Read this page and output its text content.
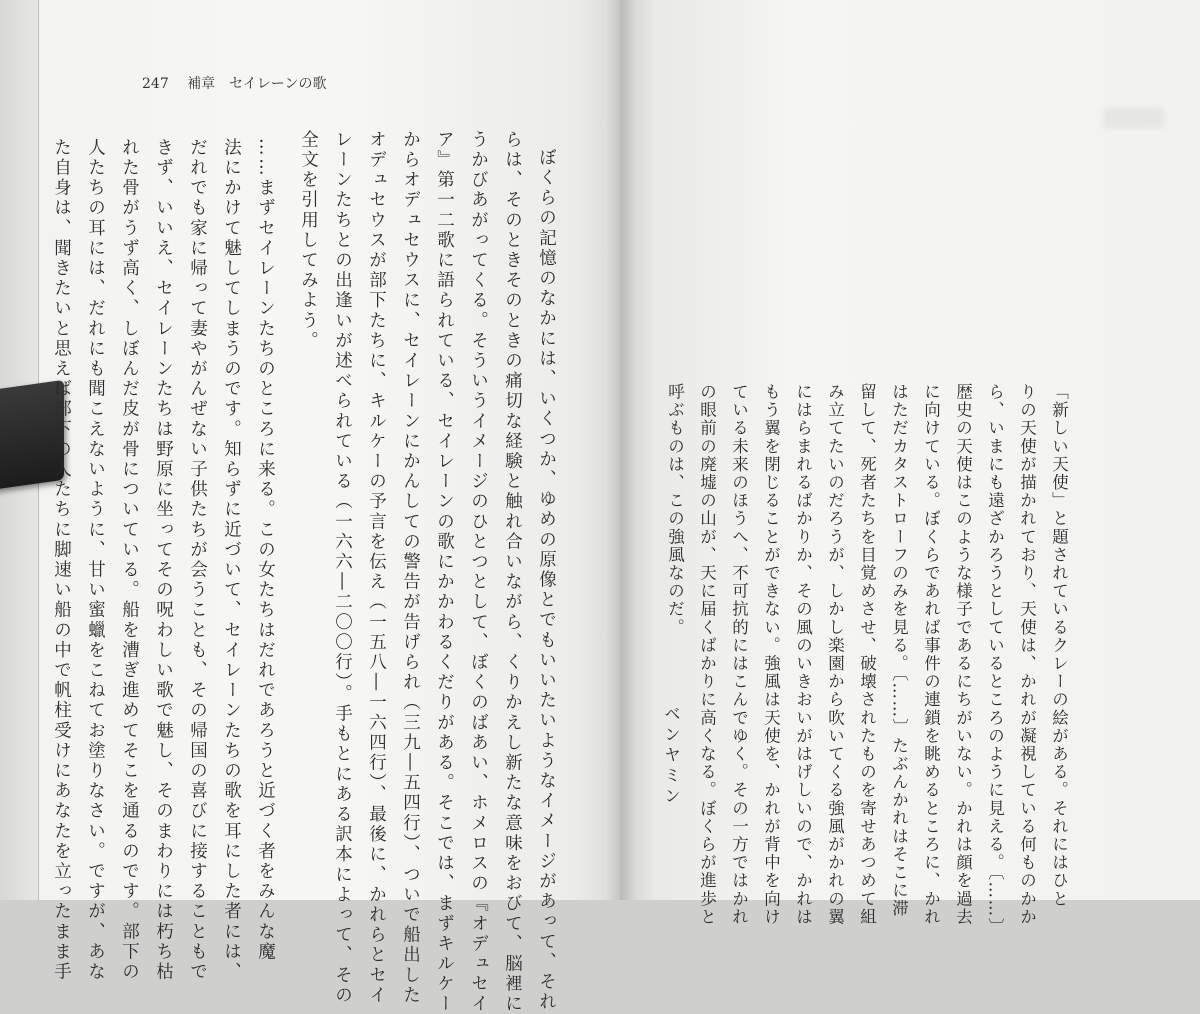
247 補章　セイレーンの歌
ぼくらの記憶のなかには、いくつか、ゆめの原像とでもいいたいようなイメージがあって、それ
らは、そのときそのときの痛切な経験と触れ合いながら、くりかえし新たな意味をおびて、脳裡に
うかびあがってくる。そういうイメージのひとつとして、ぼくのばあい、ホメロスの『オデュセイ
ア』第一二歌に語られている、セイレーンの歌にかかわるくだりがある。そこでは、まずキルケー
からオデュセウスに、セイレーンにかんしての警告が告げられ（三九―五四行）、ついで船出した
オデュセウスが部下たちに、キルケーの予言を伝え（一五八―一六四行）、最後に、かれらとセイ
レーンたちとの出逢いが述べられている（一六六―二〇〇行）。手もとにある訳本によって、その
全文を引用してみよう。
……まずセイレーンたちのところに来る。この女たちはだれであろうと近づく者をみんな魔
法にかけて魅してしまうのです。知らずに近づいて、セイレーンたちの歌を耳にした者には、
だれでも家に帰って妻やがんぜない子供たちが会うことも、その帰国の喜びに接することもで
きず、いいえ、セイレーンたちは野原に坐ってその呪わしい歌で魅し、そのまわりには朽ち枯
れた骨がうず高く、しぼんだ皮が骨についている。船を漕ぎ進めてそこを通るのです。部下の
人たちの耳には、だれにも聞こえないように、甘い蜜蠟をこねてお塗りなさい。ですが、あな
た自身は、聞きたいと思えば部下の人たちに脚速い船の中で帆柱受けにあなたを立ったまま手	「新しい天使」と題されているクレーの絵がある。それにはひと
りの天使が描かれており、天使は、かれが凝視している何ものかか
ら、いまにも遠ざかろうとしているところのように見える。〔……〕
歴史の天使はこのような様子であるにちがいない。かれは顔を過去
に向けている。ぼくらであれば事件の連鎖を眺めるところに、かれ
はただカタストローフのみを見る。〔……〕たぶんかれはそこに滞
留して、死者たちを目覚めさせ、破壊されたものを寄せあつめて組
み立てたいのだろうが、しかし楽園から吹いてくる強風がかれの翼
にはらまれるばかりか、その風のいきおいがはげしいので、かれは
もう翼を閉じることができない。強風は天使を、かれが背中を向け
ている未来のほうへ、不可抗的にはこんでゆく。その一方ではかれ
の眼前の廃墟の山が、天に届くばかりに高くなる。ぼくらが進歩と
呼ぶものは、この強風なのだ。
ベンヤミン
